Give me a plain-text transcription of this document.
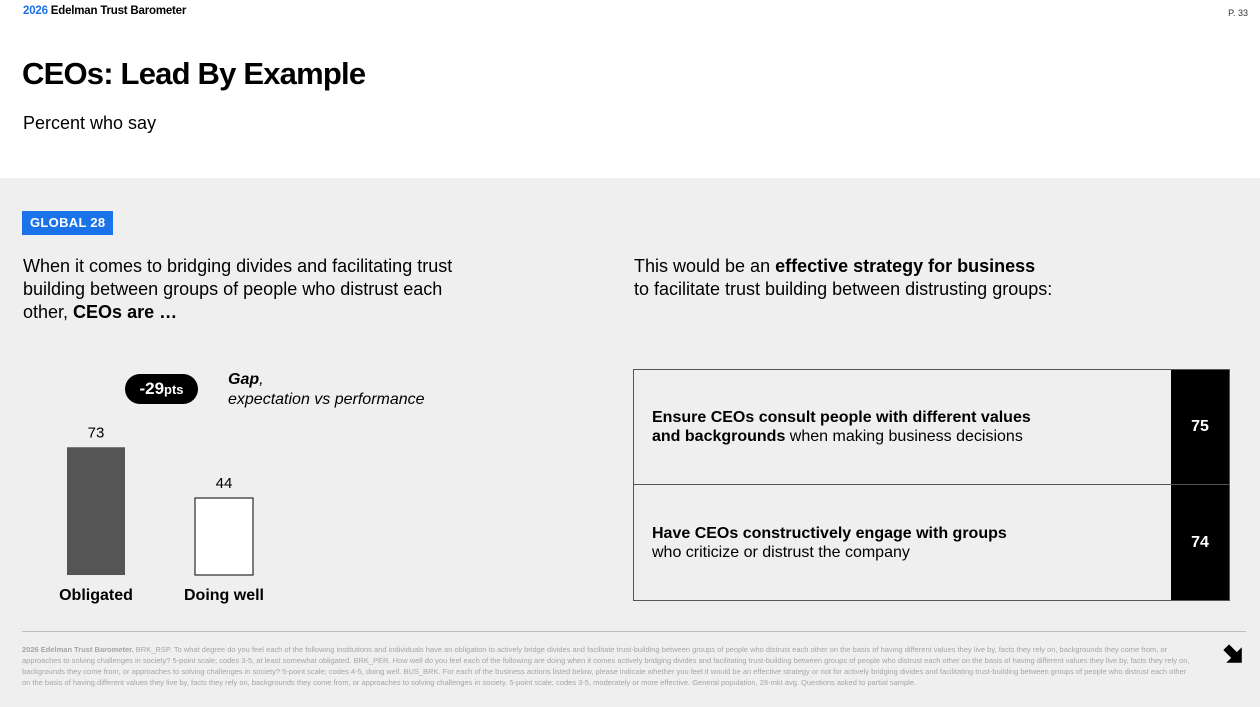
2026 Edelman Trust Barometer	P. 33
CEOs: Lead By Example
Percent who say
GLOBAL 28
When it comes to bridging divides and facilitating trust building between groups of people who distrust each other, CEOs are …
This would be an effective strategy for business
to facilitate trust building between distrusting groups:
-29pts
Gap,
expectation vs performance
73
Obligated
44
Doing well
Ensure CEOs consult people with different values
and backgrounds when making business decisions
75
Have CEOs constructively engage with groups
who criticize or distrust the company
74
2026 Edelman Trust Barometer. BRK_RSP. To what degree do you feel each of the following institutions and individuals have an obligation to actively bridge divides and facilitate trust-building between groups of people who distrust each other on the basis of having different values they live by, facts they rely on, backgrounds they come from, or approaches to solving challenges in society? 5-point scale; codes 3-5, at least somewhat obligated. BRK_PER. How well do you feel each of the following are doing when it comes actively bridging divides and facilitating trust-building between groups of people who distrust each other on the basis of having different values they live by, facts they rely on, backgrounds they come from, or approaches to solving challenges in society? 5-point scale; codes 4-5, doing well. BUS_BRK. For each of the business actions listed below, please indicate whether you feel it would be an effective strategy or not for actively bridging divides and facilitating trust-building between groups of people who distrust each other on the basis of having different values they live by, facts they rely on, backgrounds they come from, or approaches to solving challenges in society. 5-point scale; codes 3-5, moderately or more effective. General population, 28-mkt avg. Questions asked to partial sample.
